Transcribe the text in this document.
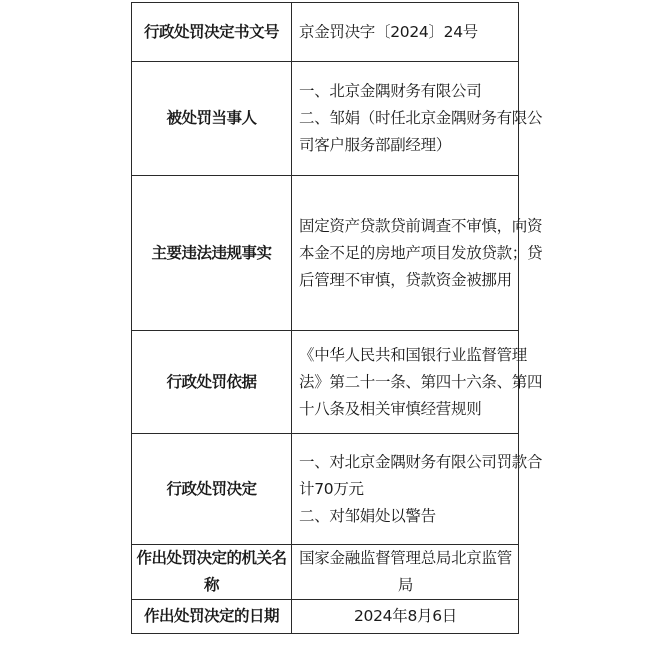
行政处罚决定书文号	京金罚决字〔2024〕24号
被处罚当事人	一、北京金隅财务有限公司
二、邹娟（时任北京金隅财务有限公
司客户服务部副经理）

主要违法违规事实	固定资产贷款贷前调查不审慎，向资
本金不足的房地产项目发放贷款；贷
后管理不审慎，贷款资金被挪用

行政处罚依据	《中华人民共和国银行业监督管理
法》第二十一条、第四十六条、第四
十八条及相关审慎经营规则

行政处罚决定	一、对北京金隅财务有限公司罚款合
计70万元
二、对邹娟处以警告

作出处罚决定的机关名称	国家金融监督管理总局北京监管局
作出处罚决定的日期	2024年8月6日
